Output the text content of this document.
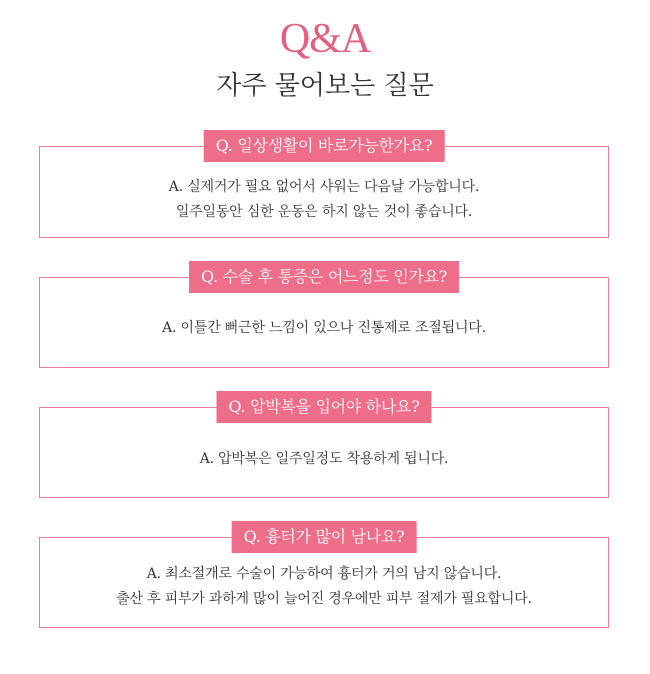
Q&A
자주 물어보는 질문
Q. 일상생활이 바로가능한가요?
A. 실제거가 필요 없어서 샤워는 다음날 가능합니다.
일주일동안 심한 운동은 하지 않는 것이 좋습니다.
Q. 수술 후 통증은 어느정도 인가요?
A. 이틀간 뻐근한 느낌이 있으나 진통제로 조절됩니다.
Q. 압박복을 입어야 하나요?
A. 압박복은 일주일정도 착용하게 됩니다.
Q. 흉터가 많이 남나요?
A. 최소절개로 수술이 가능하여 흉터가 거의 남지 않습니다.
출산 후 피부가 과하게 많이 늘어진 경우에만 피부 절제가 필요합니다.
